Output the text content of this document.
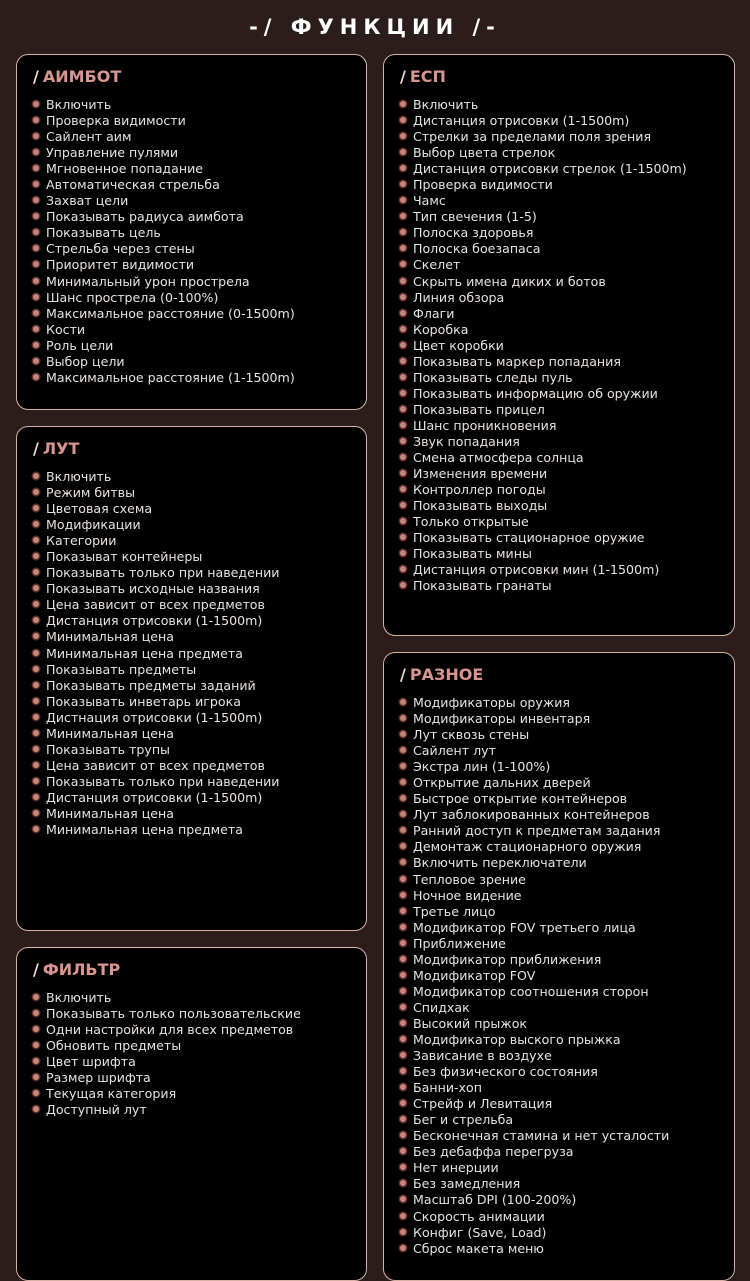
-/ ФУНКЦИИ /-
/ АИМБОТ
Включить
Проверка видимости
Сайлент аим
Управление пулями
Мгновенное попадание
Автоматическая стрельба
Захват цели
Показывать радиуса аимбота
Показывать цель
Стрельба через стены
Приоритет видимости
Минимальный урон прострела
Шанс прострела (0-100%)
Максимальное расстояние (0-1500m)
Кости
Роль цели
Выбор цели
Максимальное расстояние (1-1500m)
/ ЛУТ
Включить
Режим битвы
Цветовая схема
Модификации
Категории
Показыват контейнеры
Показывать только при наведении
Показывать исходные названия
Цена зависит от всех предметов
Дистанция отрисовки (1-1500m)
Минимальная цена
Минимальная цена предмета
Показывать предметы
Показывать предметы заданий
Показывать инветарь игрока
Дистнация отрисовки (1-1500m)
Минимальная цена
Показывать трупы
Цена зависит от всех предметов
Показывать только при наведении
Дистанция отрисовки (1-1500m)
Минимальная цена
Минимальная цена предмета
/ ФИЛЬТР
Включить
Показывать только пользовательские
Одни настройки для всех предметов
Обновить предметы
Цвет шрифта
Размер шрифта
Текущая категория
Доступный лут
/ ЕСП
Включить
Дистанция отрисовки (1-1500m)
Стрелки за пределами поля зрения
Выбор цвета стрелок
Дистанция отрисовки стрелок (1-1500m)
Проверка видимости
Чамс
Тип свечения (1-5)
Полоска здоровья
Полоска боезапаса
Скелет
Скрыть имена диких и ботов
Линия обзора
Флаги
Коробка
Цвет коробки
Показывать маркер попадания
Показывать следы пуль
Показывать информацию об оружии
Показывать прицел
Шанс проникновения
Звук попадания
Смена атмосфера солнца
Изменения времени
Контроллер погоды
Показывать выходы
Только открытые
Показывать стационарное оружие
Показывать мины
Дистанция отрисовки мин (1-1500m)
Показывать гранаты
/ РАЗНОЕ
Модификаторы оружия
Модификаторы инвентаря
Лут сквозь стены
Сайлент лут
Экстра лин (1-100%)
Открытие дальних дверей
Быстрое открытие контейнеров
Лут заблокированных контейнеров
Ранний доступ к предметам задания
Демонтаж стационарного оружия
Включить переключатели
Тепловое зрение
Ночное видение
Третье лицо
Модификатор FOV третьего лица
Приближение
Модификатор приближения
Модификатор FOV
Модификатор соотношения сторон
Спидхак
Высокий прыжок
Модификатор выского прыжка
Зависание в воздухе
Без физического состояния
Банни-хоп
Стрейф и Левитация
Бег и стрельба
Бесконечная стамина и нет усталости
Без дебаффа перегруза
Нет инерции
Без замедления
Масштаб DPI (100-200%)
Скорость анимации
Конфиг (Save, Load)
Сброс макета меню
